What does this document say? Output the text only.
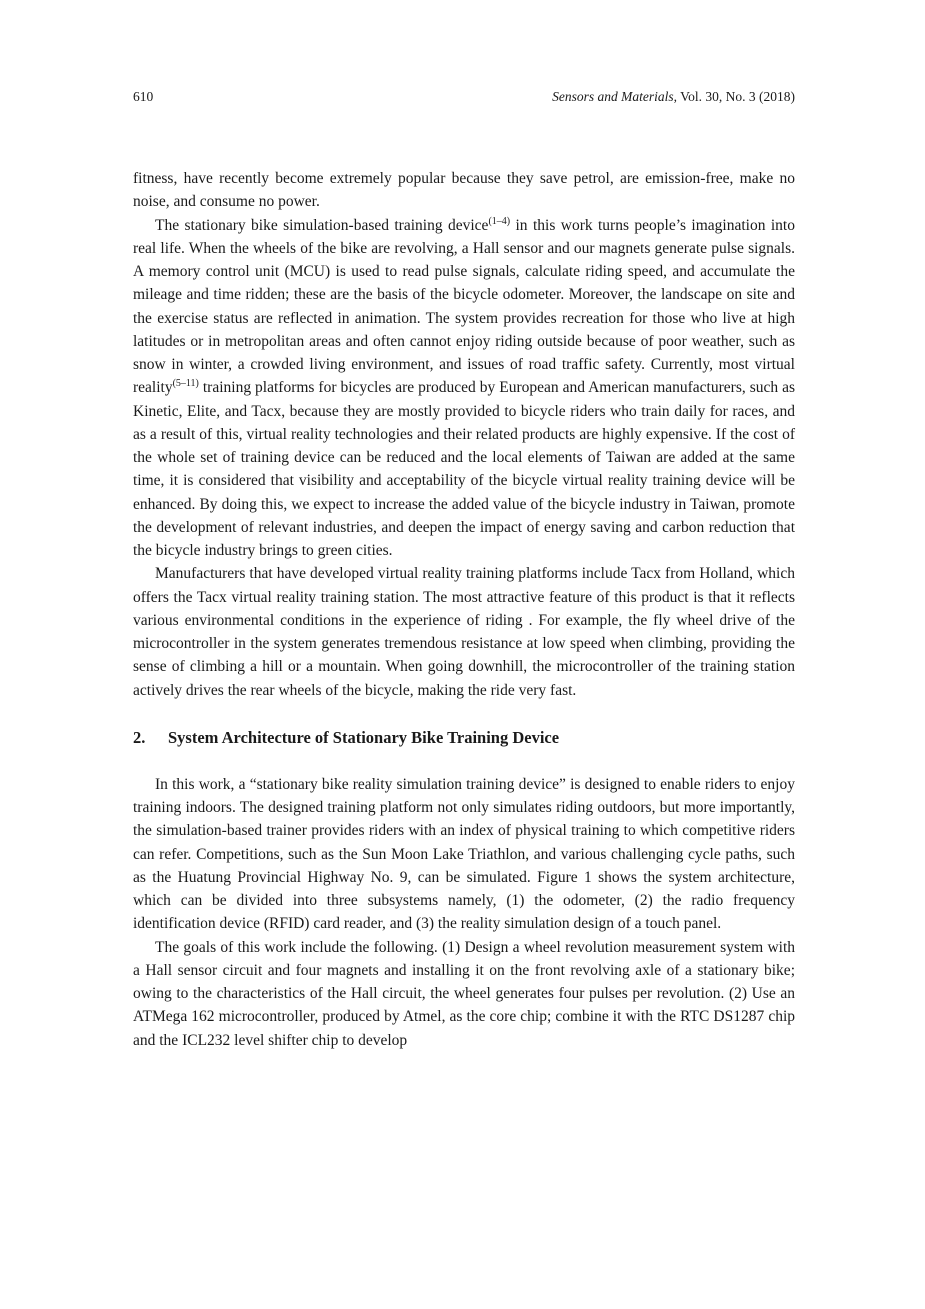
610	Sensors and Materials, Vol. 30, No. 3 (2018)

fitness, have recently become extremely popular because they save petrol, are emission-free, make no noise, and consume no power.

The stationary bike simulation-based training device$^{(1-4)}$ in this work turns people’s imagination into real life. When the wheels of the bike are revolving, a Hall sensor and our magnets generate pulse signals. A memory control unit (MCU) is used to read pulse signals, calculate riding speed, and accumulate the mileage and time ridden; these are the basis of the bicycle odometer. Moreover, the landscape on site and the exercise status are reflected in animation. The system provides recreation for those who live at high latitudes or in metropolitan areas and often cannot enjoy riding outside because of poor weather, such as snow in winter, a crowded living environment, and issues of road traffic safety. Currently, most virtual reality$^{(5-11)}$ training platforms for bicycles are produced by European and American manufacturers, such as Kinetic, Elite, and Tacx, because they are mostly provided to bicycle riders who train daily for races, and as a result of this, virtual reality technologies and their related products are highly expensive. If the cost of the whole set of training device can be reduced and the local elements of Taiwan are added at the same time, it is considered that visibility and acceptability of the bicycle virtual reality training device will be enhanced. By doing this, we expect to increase the added value of the bicycle industry in Taiwan, promote the development of relevant industries, and deepen the impact of energy saving and carbon reduction that the bicycle industry brings to green cities.

Manufacturers that have developed virtual reality training platforms include Tacx from Holland, which offers the Tacx virtual reality training station. The most attractive feature of this product is that it reflects various environmental conditions in the experience of riding . For example, the fly wheel drive of the microcontroller in the system generates tremendous resistance at low speed when climbing, providing the sense of climbing a hill or a mountain. When going downhill, the microcontroller of the training station actively drives the rear wheels of the bicycle, making the ride very fast.

2.	System Architecture of Stationary Bike Training Device

In this work, a “stationary bike reality simulation training device” is designed to enable riders to enjoy training indoors. The designed training platform not only simulates riding outdoors, but more importantly, the simulation-based trainer provides riders with an index of physical training to which competitive riders can refer. Competitions, such as the Sun Moon Lake Triathlon, and various challenging cycle paths, such as the Huatung Provincial Highway No. 9, can be simulated. Figure 1 shows the system architecture, which can be divided into three subsystems namely, (1) the odometer, (2) the radio frequency identification device (RFID) card reader, and (3) the reality simulation design of a touch panel.

The goals of this work include the following. (1) Design a wheel revolution measurement system with a Hall sensor circuit and four magnets and installing it on the front revolving axle of a stationary bike; owing to the characteristics of the Hall circuit, the wheel generates four pulses per revolution. (2) Use an ATMega 162 microcontroller, produced by Atmel, as the core chip; combine it with the RTC DS1287 chip and the ICL232 level shifter chip to develop
